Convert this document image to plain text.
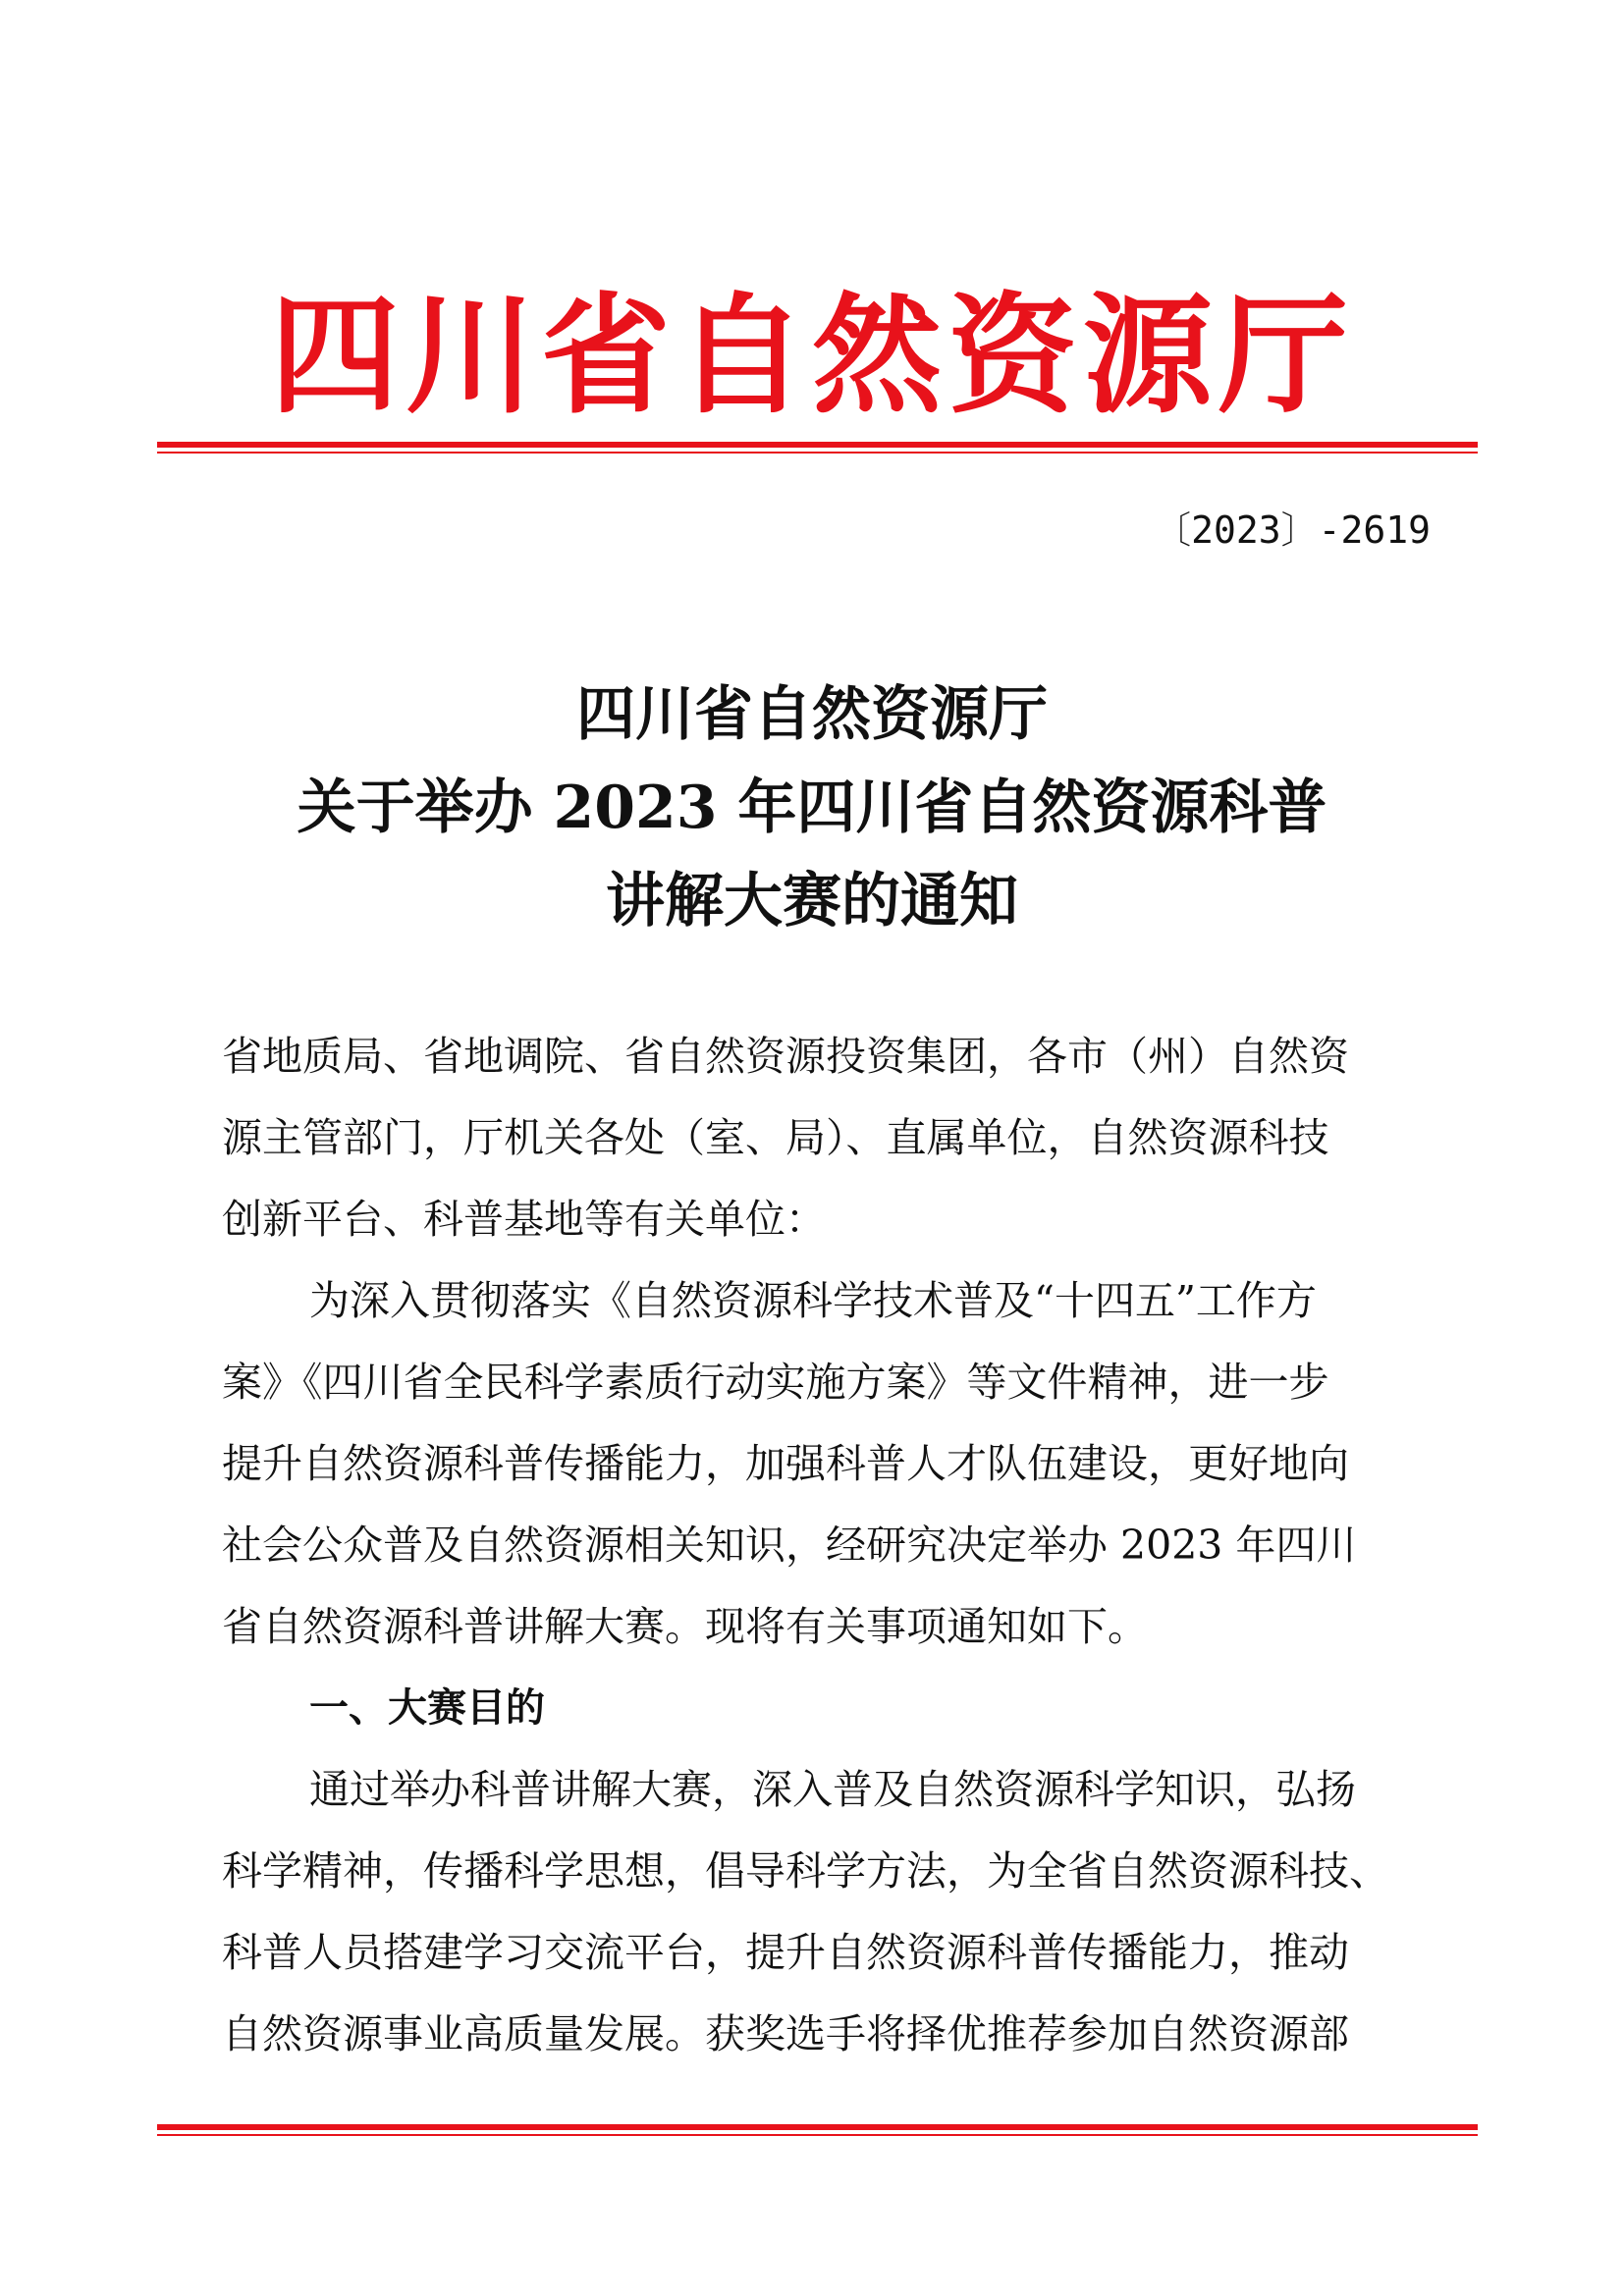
四川省自然资源厅
〔2023〕-2619
四川省自然资源厅
关于举办 2023 年四川省自然资源科普
讲解大赛的通知
省地质局、省地调院、省自然资源投资集团，各市（州）自然资
源主管部门，厅机关各处（室、局）、直属单位，自然资源科技
创新平台、科普基地等有关单位：
为深入贯彻落实《自然资源科学技术普及“十四五”工作方
案》《四川省全民科学素质行动实施方案》等文件精神，进一步
提升自然资源科普传播能力，加强科普人才队伍建设，更好地向
社会公众普及自然资源相关知识，经研究决定举办 2023 年四川
省自然资源科普讲解大赛。现将有关事项通知如下。
一、大赛目的
通过举办科普讲解大赛，深入普及自然资源科学知识，弘扬
科学精神，传播科学思想，倡导科学方法，为全省自然资源科技、
科普人员搭建学习交流平台，提升自然资源科普传播能力，推动
自然资源事业高质量发展。获奖选手将择优推荐参加自然资源部
